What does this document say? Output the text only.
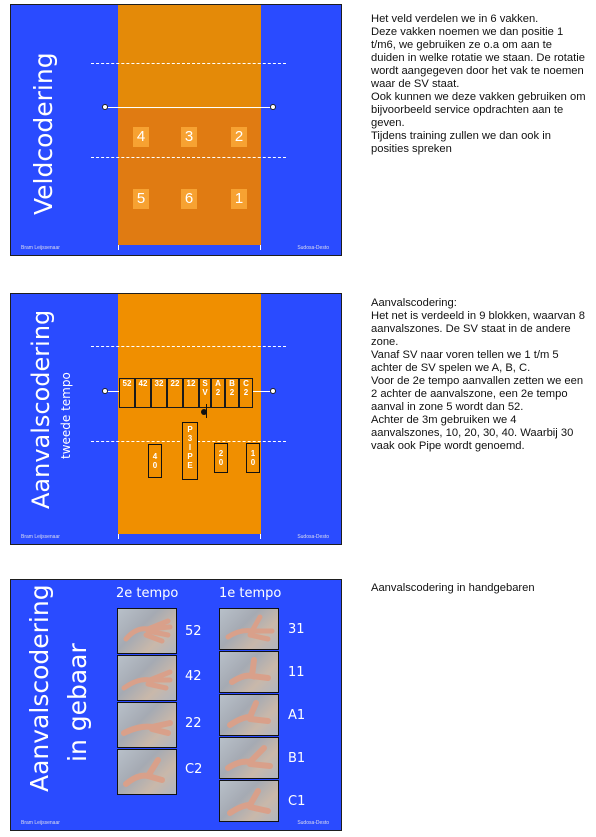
4	3	2
5	6	1
Veldcodering
Bram Leijssenaar	Sudosa-Desto
Het veld verdelen we in 6 vakken.
Deze vakken noemen we dan positie 1 t/m6, we gebruiken ze o.a om aan te duiden in welke rotatie we staan. De rotatie wordt aangegeven door het vak te noemen waar de SV staat.
Ook kunnen we deze vakken gebruiken om bijvoorbeeld service opdrachten aan te geven.
Tijdens training zullen we dan ook in posities spreken
52 42 32 22 12 S
V
A
2
B
2
C
2
4
0
P
3
I
P
E
2
0
1
0
Aanvalscodering tweede tempo
Bram Leijssenaar	Sudosa-Desto
Aanvalscodering:
Het net is verdeeld in 9 blokken, waarvan 8 aanvalszones. De SV staat in de andere zone.
Vanaf SV naar voren tellen we 1 t/m 5 achter de SV spelen we A, B, C.
Voor de 2e tempo aanvallen zetten we een 2 achter de aanvalszone, een 2e tempo aanval in zone 5 wordt dan 52.
Achter de 3m gebruiken we 4 aanvalszones, 10, 20, 30, 40. Waarbij 30 vaak ook Pipe wordt genoemd.
Aanvalscodering in gebaar
2e tempo	1e tempo
52
42
22
C2
31
11
A1
B1
C1
Bram Leijssenaar	Sudosa-Desto
Aanvalscodering in handgebaren
